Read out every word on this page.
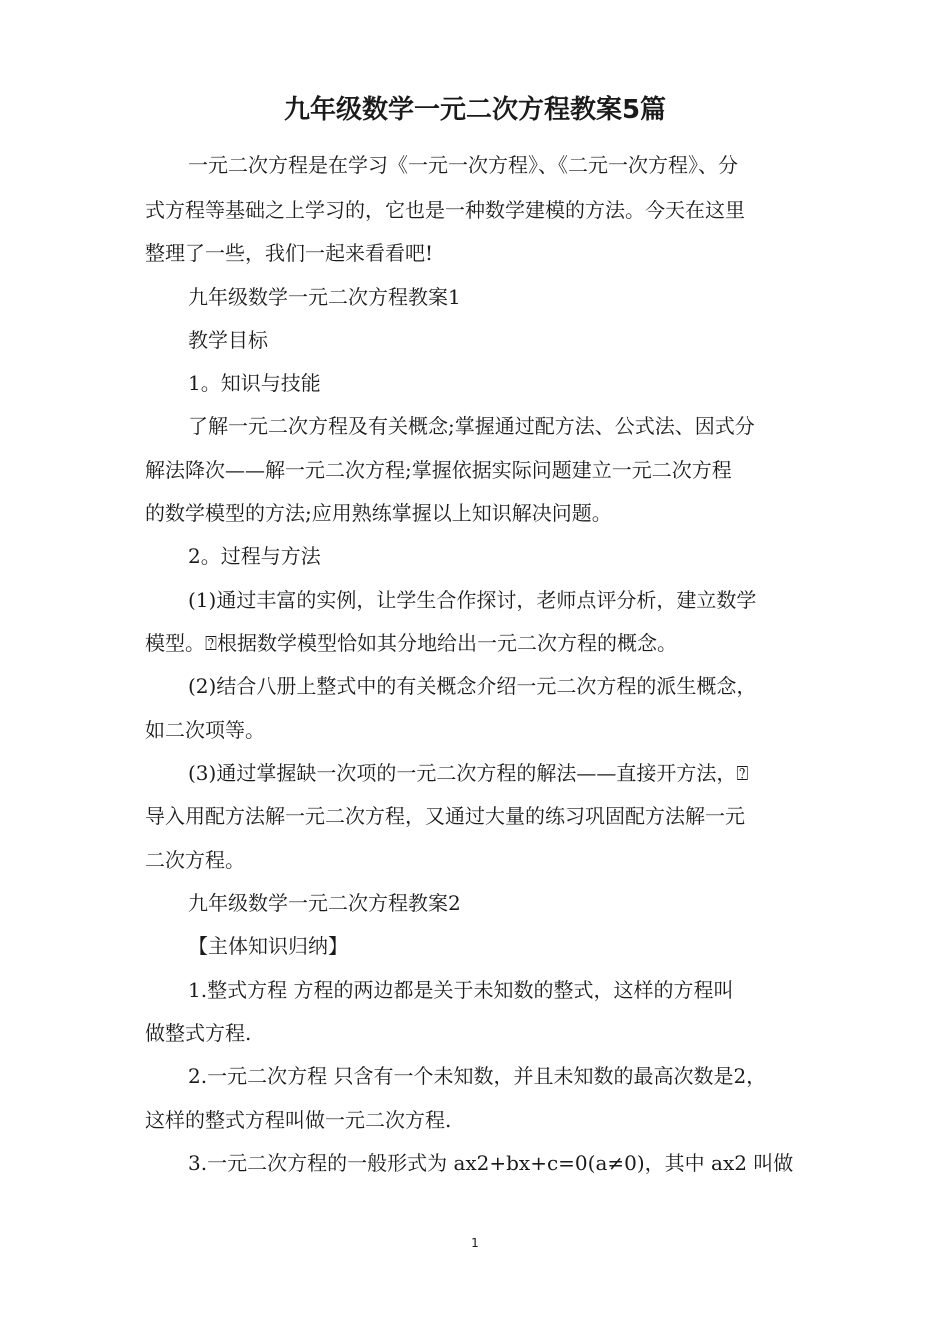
九年级数学一元二次方程教案5篇
一元二次方程是在学习《一元一次方程》、《二元一次方程》、分
式方程等基础之上学习的，它也是一种数学建模的方法。今天在这里
整理了一些，我们一起来看看吧!
九年级数学一元二次方程教案1
教学目标
1。知识与技能
了解一元二次方程及有关概念;掌握通过配方法、公式法、因式分
解法降次——解一元二次方程;掌握依据实际问题建立一元二次方程
的数学模型的方法;应用熟练掌握以上知识解决问题。
2。过程与方法
(1)通过丰富的实例，让学生合作探讨，老师点评分析，建立数学
模型。⍰根据数学模型恰如其分地给出一元二次方程的概念。
(2)结合八册上整式中的有关概念介绍一元二次方程的派生概念，
如二次项等。
(3)通过掌握缺一次项的一元二次方程的解法——直接开方法，⍰
导入用配方法解一元二次方程，又通过大量的练习巩固配方法解一元
二次方程。
九年级数学一元二次方程教案2
【主体知识归纳】
1.整式方程 方程的两边都是关于未知数的整式，这样的方程叫
做整式方程.
2.一元二次方程 只含有一个未知数，并且未知数的最高次数是2，
这样的整式方程叫做一元二次方程.
3.一元二次方程的一般形式为 ax2+bx+c=0(a≠0)，其中 ax2 叫做
1
